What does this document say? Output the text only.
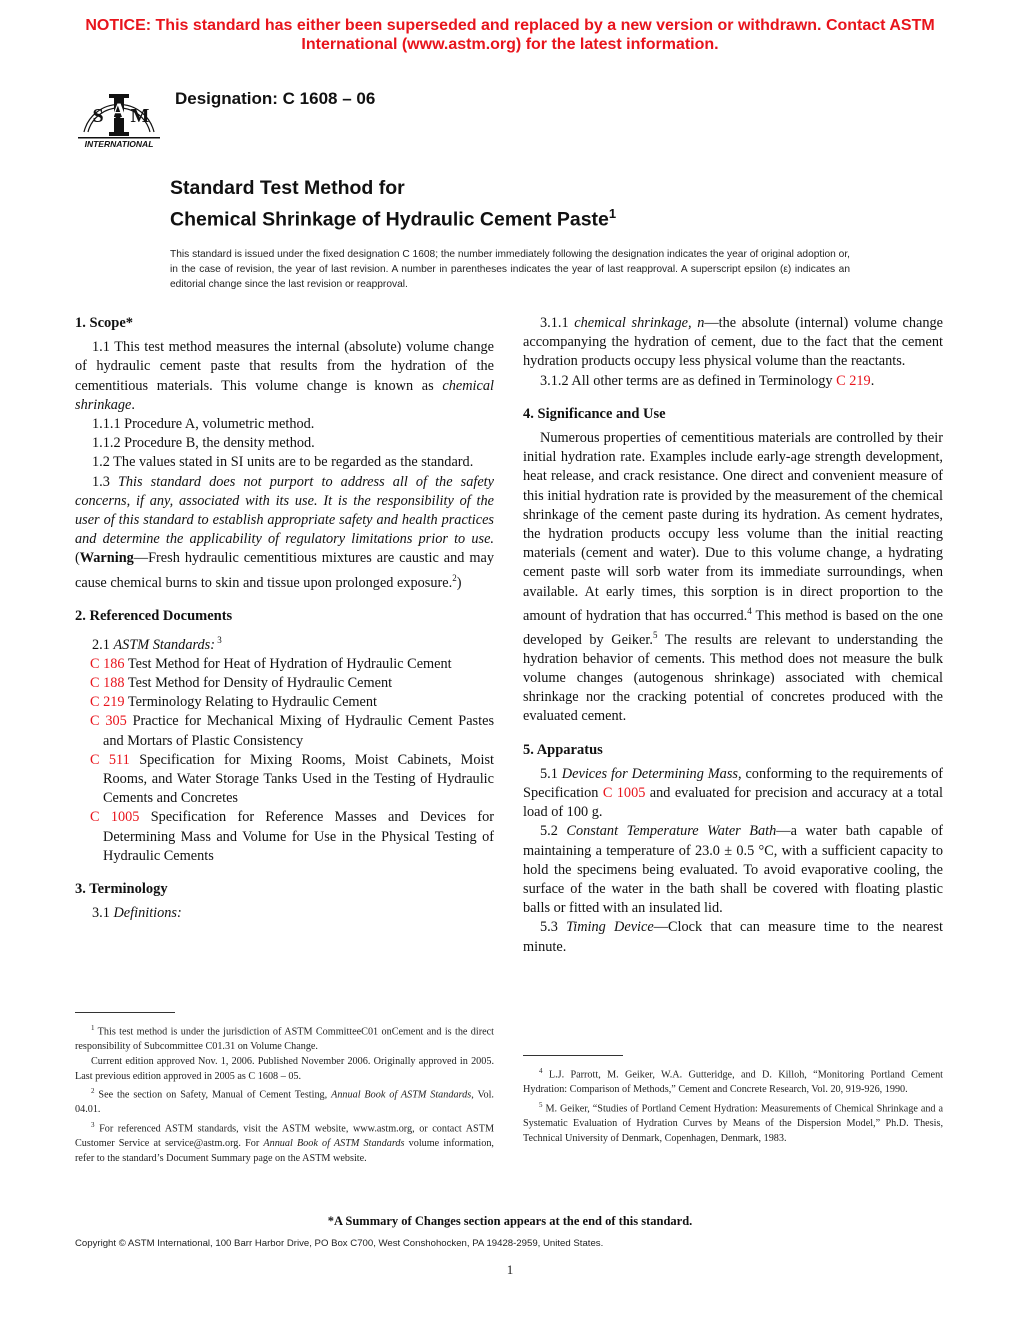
NOTICE: This standard has either been superseded and replaced by a new version or withdrawn. Contact ASTM
International (www.astm.org) for the latest information.
A
S M
INTERNATIONAL
Designation: C 1608 – 06
Standard Test Method for
Chemical Shrinkage of Hydraulic Cement Paste$^1$
This standard is issued under the fixed designation C 1608; the number immediately following the designation indicates the year of original adoption or, in the case of revision, the year of last revision. A number in parentheses indicates the year of last reapproval. A superscript epsilon (ε) indicates an editorial change since the last revision or reapproval.
1. Scope*

1.1 This test method measures the internal (absolute) volume change of hydraulic cement paste that results from the hydration of the cementitious materials. This volume change is known as chemical shrinkage.

1.1.1 Procedure A, volumetric method.

1.1.2 Procedure B, the density method.

1.2 The values stated in SI units are to be regarded as the standard.

1.3 This standard does not purport to address all of the safety concerns, if any, associated with its use. It is the responsibility of the user of this standard to establish appropriate safety and health practices and determine the applicability of regulatory limitations prior to use. (Warning—Fresh hydraulic cementitious mixtures are caustic and may cause chemical burns to skin and tissue upon prolonged exposure.$^2$)

2. Referenced Documents

2.1 ASTM Standards: $^3$

C 186 Test Method for Heat of Hydration of Hydraulic Cement

C 188 Test Method for Density of Hydraulic Cement

C 219 Terminology Relating to Hydraulic Cement

C 305 Practice for Mechanical Mixing of Hydraulic Cement Pastes and Mortars of Plastic Consistency

C 511 Specification for Mixing Rooms, Moist Cabinets, Moist Rooms, and Water Storage Tanks Used in the Testing of Hydraulic Cements and Concretes

C 1005 Specification for Reference Masses and Devices for Determining Mass and Volume for Use in the Physical Testing of Hydraulic Cements

3. Terminology

3.1 Definitions:

$^1$ This test method is under the jurisdiction of ASTM CommitteeC01 onCement and is the direct responsibility of Subcommittee C01.31 on Volume Change.

Current edition approved Nov. 1, 2006. Published November 2006. Originally approved in 2005. Last previous edition approved in 2005 as C 1608 – 05.

$^2$ See the section on Safety, Manual of Cement Testing, Annual Book of ASTM Standards, Vol. 04.01.

$^3$ For referenced ASTM standards, visit the ASTM website, www.astm.org, or contact ASTM Customer Service at service@astm.org. For Annual Book of ASTM Standards volume information, refer to the standard’s Document Summary page on the ASTM website.

3.1.1 chemical shrinkage, n—the absolute (internal) volume change accompanying the hydration of cement, due to the fact that the cement hydration products occupy less physical volume than the reactants.

3.1.2 All other terms are as defined in Terminology C 219.

4. Significance and Use

Numerous properties of cementitious materials are controlled by their initial hydration rate. Examples include early-age strength development, heat release, and crack resistance. One direct and convenient measure of this initial hydration rate is provided by the measurement of the chemical shrinkage of the cement paste during its hydration. As cement hydrates, the hydration products occupy less volume than the initial reacting materials (cement and water). Due to this volume change, a hydrating cement paste will sorb water from its immediate surroundings, when available. At early times, this sorption is in direct proportion to the amount of hydration that has occurred.$^4$ This method is based on the one developed by Geiker.$^5$ The results are relevant to understanding the hydration behavior of cements. This method does not measure the bulk volume changes (autogenous shrinkage) associated with chemical shrinkage nor the cracking potential of concretes produced with the evaluated cement.

5. Apparatus

5.1 Devices for Determining Mass, conforming to the requirements of Specification C 1005 and evaluated for precision and accuracy at a total load of 100 g.

5.2 Constant Temperature Water Bath—a water bath capable of maintaining a temperature of 23.0 ± 0.5 °C, with a sufficient capacity to hold the specimens being evaluated. To avoid evaporative cooling, the surface of the water in the bath shall be covered with floating plastic balls or fitted with an insulated lid.

5.3 Timing Device—Clock that can measure time to the nearest minute.

$^4$ L.J. Parrott, M. Geiker, W.A. Gutteridge, and D. Killoh, “Monitoring Portland Cement Hydration: Comparison of Methods,” Cement and Concrete Research, Vol. 20, 919-926, 1990.

$^5$ M. Geiker, “Studies of Portland Cement Hydration: Measurements of Chemical Shrinkage and a Systematic Evaluation of Hydration Curves by Means of the Dispersion Model,” Ph.D. Thesis, Technical University of Denmark, Copenhagen, Denmark, 1983.

*A Summary of Changes section appears at the end of this standard.
Copyright © ASTM International, 100 Barr Harbor Drive, PO Box C700, West Conshohocken, PA 19428-2959, United States.
1
